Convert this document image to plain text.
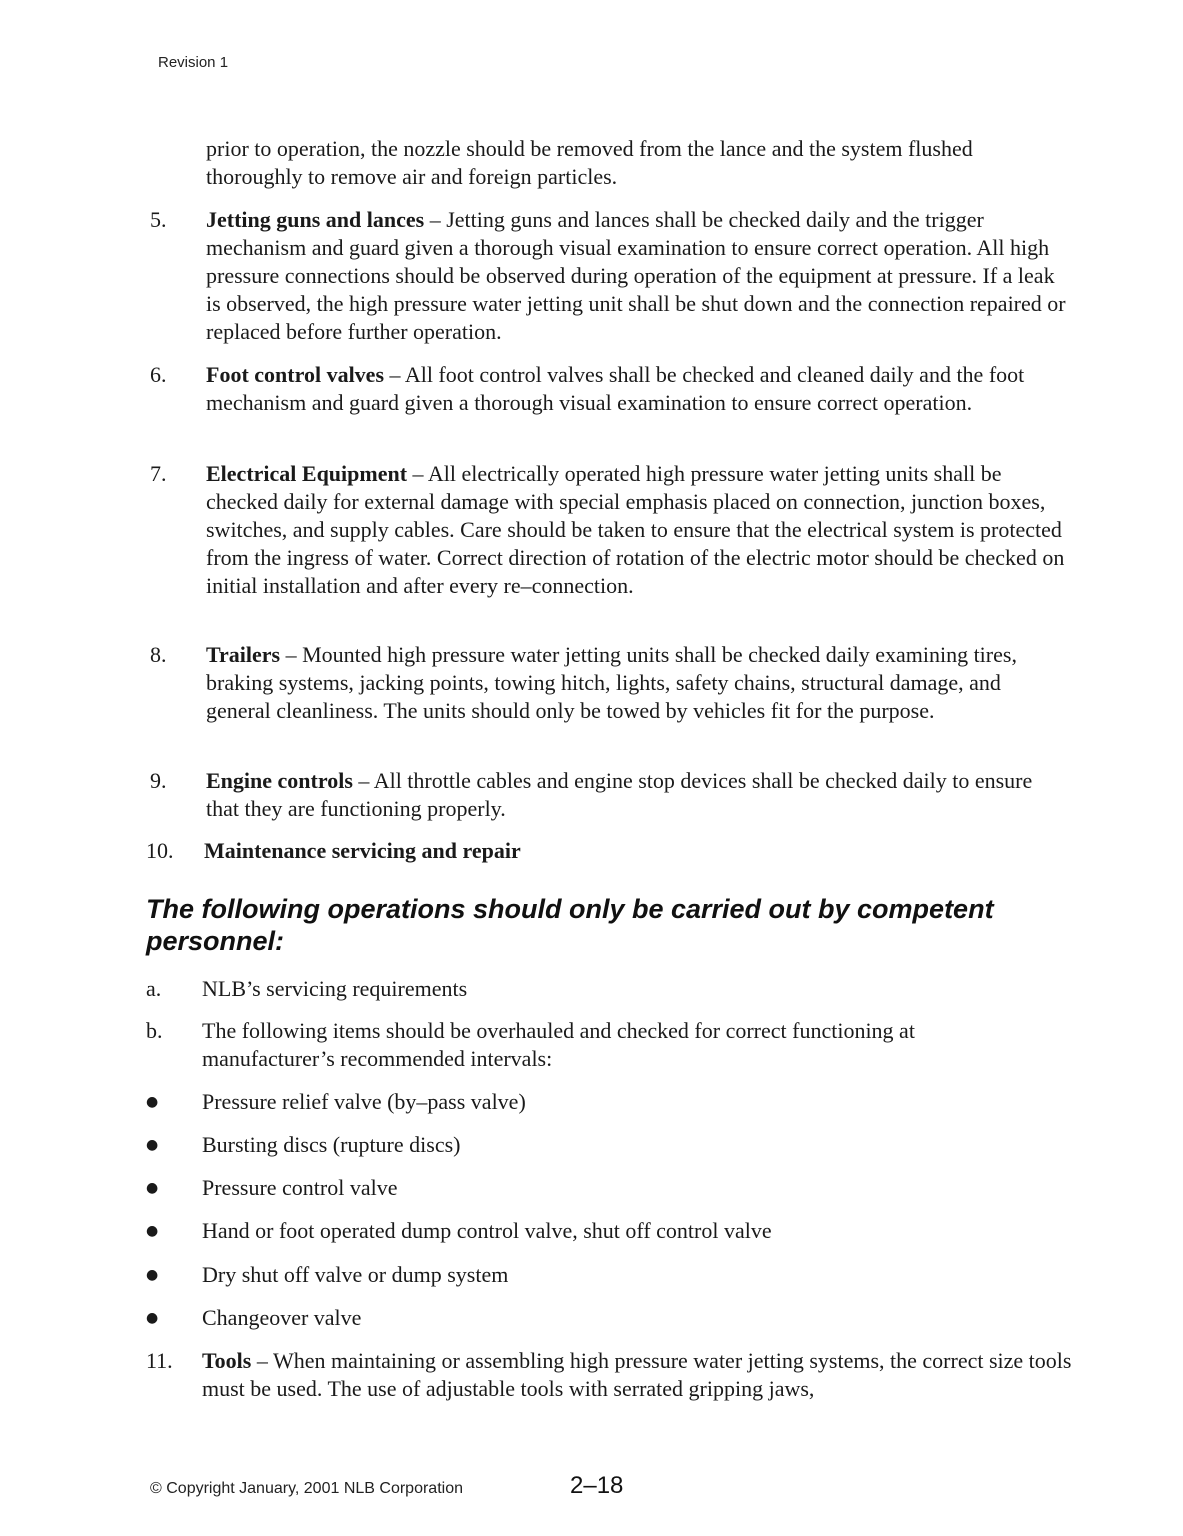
Revision 1
prior to operation, the nozzle should be removed from the lance and the system flushed thoroughly to remove air and foreign particles.
5. Jetting guns and lances – Jetting guns and lances shall be checked daily and the trigger mechanism and guard given a thorough visual examination to ensure correct operation. All high pressure connections should be observed during operation of the equipment at pressure. If a leak is observed, the high pressure water jetting unit shall be shut down and the connection repaired or replaced before further operation.
6. Foot control valves – All foot control valves shall be checked and cleaned daily and the foot mechanism and guard given a thorough visual examination to ensure correct operation.
7. Electrical Equipment – All electrically operated high pressure water jetting units shall be checked daily for external damage with special emphasis placed on connection, junction boxes, switches, and supply cables. Care should be taken to ensure that the electrical system is protected from the ingress of water. Correct direction of rotation of the electric motor should be checked on initial installation and after every re–connection.
8. Trailers – Mounted high pressure water jetting units shall be checked daily examining tires, braking systems, jacking points, towing hitch, lights, safety chains, structural damage, and general cleanliness. The units should only be towed by vehicles fit for the purpose.
9. Engine controls – All throttle cables and engine stop devices shall be checked daily to ensure that they are functioning properly.
10. Maintenance servicing and repair
The following operations should only be carried out by competent personnel:
a. NLB’s servicing requirements
b. The following items should be overhauled and checked for correct functioning at manufacturer’s recommended intervals:
● Pressure relief valve (by–pass valve)
● Bursting discs (rupture discs)
● Pressure control valve
● Hand or foot operated dump control valve, shut off control valve
● Dry shut off valve or dump system
● Changeover valve
11. Tools – When maintaining or assembling high pressure water jetting systems, the correct size tools must be used. The use of adjustable tools with serrated gripping jaws,
© Copyright January, 2001 NLB Corporation	2–18
